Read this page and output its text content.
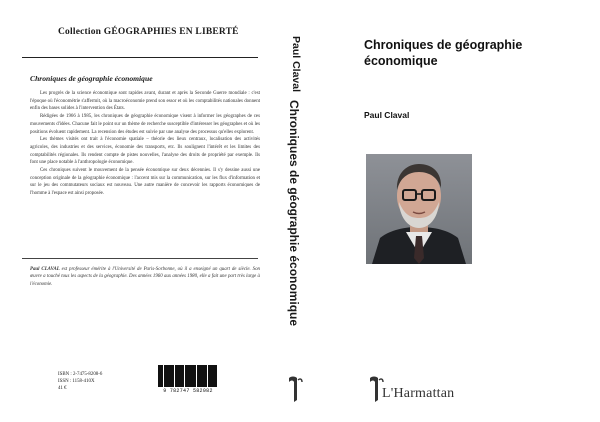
Collection GÉOGRAPHIES EN LIBERTÉ
Chroniques de géographie économique

Les progrès de la science économique sont rapides avant, durant et après la Seconde Guerre mondiale : c'est l'époque où l'économétrie s'affermit, où la macroéconomie prend son essor et où les comptabilités nationales donnent enfin des bases solides à l'intervention des États.

Rédigées de 1966 à 1985, les chroniques de géographie économique visent à informer les géographes de ces mouvements d'idées. Chacune fait le point sur un thème de recherche susceptible d'intéresser les géographes et où les positions évoluent rapidement. La recension des études est suivie par une analyse des processus qu'elles explorent.

Les thèmes visités ont trait à l'économie spatiale – théorie des lieux centraux, localisation des activités agricoles, des industries et des services, économie des transports, etc. Ils soulignent l'intérêt et les limites des comptabilités régionales. Ils rendent compte de pistes nouvelles, l'analyse des droits de propriété par exemple. Ils font une place notable à l'anthropologie économique.

Ces chroniques suivent le mouvement de la pensée économique sur deux décennies. Il s'y dessine aussi une conception originale de la géographie économique : l'accent mis sur la communication, sur les flux d'information et sur le jeu des commutateurs sociaux est nouveau. Une autre manière de concevoir les rapports économiques de l'homme à l'espace est ainsi proposée.

Paul CLAVAL est professeur émérite à l'Université de Paris-Sorbonne, où il a enseigné un quart de siècle. Son œuvre a touché tous les aspects de la géographie. Des années 1960 aux années 1980, elle a fait une part très large à l'économie.
ISBN : 2-7475-8208-6
ISSN : 1158-410X
41 €	9 782747 582082
Paul Claval
Chroniques de géographie économique
Chroniques de géographie
économique
Paul Claval
L'Harmattan
